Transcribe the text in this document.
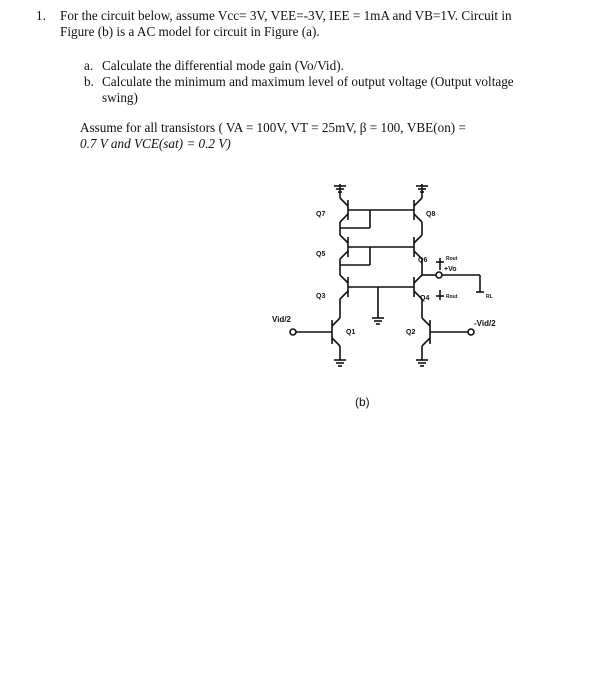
1. For the circuit below, assume Vcc= 3V, VEE=-3V, IEE = 1mA and VB=1V. Circuit in
Figure (b) is a AC model for circuit in Figure (a).
a. Calculate the differential mode gain (Vo/Vid).
b. Calculate the minimum and maximum level of output voltage (Output voltage
swing)
Assume for all transistors ( VA = 100V, VT = 25mV, β = 100, VBE(on) =
0.7 V and VCE(sat) = 0.2 V)
Q7	Q8
Q5
Q6
Q3	Q4
Q1	Q2
Rout
+Vo
Rout	RL
Vid/2	-Vid/2
(b)
